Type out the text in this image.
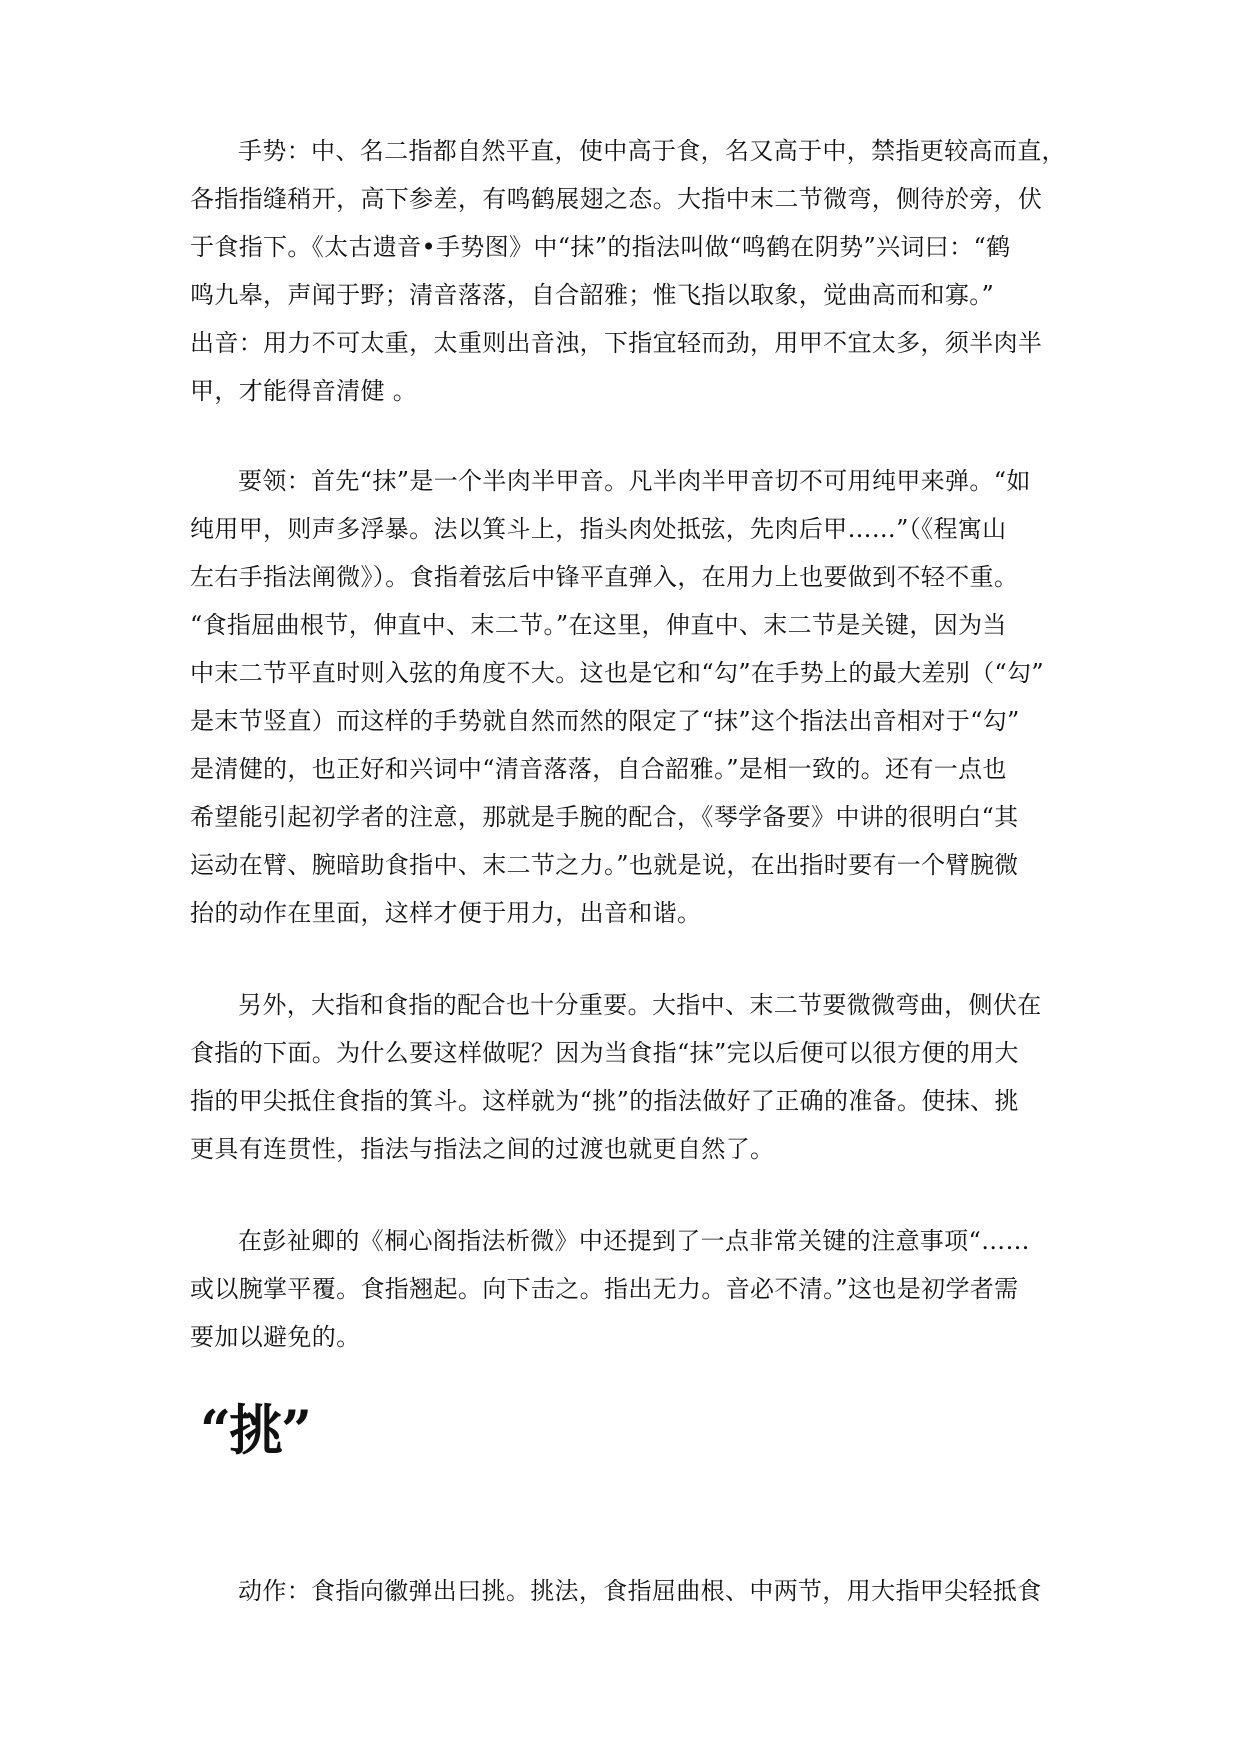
手势：中、名二指都自然平直，使中高于食，名又高于中，禁指更较高而直，
各指指缝稍开，高下参差，有鸣鹤展翅之态。大指中末二节微弯，侧待於旁，伏
于食指下。《太古遗音•手势图》中“抹”的指法叫做“鸣鹤在阴势”兴词曰：“鹤
鸣九皋，声闻于野；清音落落，自合韶雅；惟飞指以取象，觉曲高而和寡。”
出音：用力不可太重，太重则出音浊，下指宜轻而劲，用甲不宜太多，须半肉半
甲，才能得音清健 。
要领：首先“抹”是一个半肉半甲音。凡半肉半甲音切不可用纯甲来弹。“如
纯用甲，则声多浮暴。法以箕斗上，指头肉处抵弦，先肉后甲……”（《程寓山
左右手指法阐微》）。食指着弦后中锋平直弹入，在用力上也要做到不轻不重。
“食指屈曲根节，伸直中、末二节。”在这里，伸直中、末二节是关键，因为当
中末二节平直时则入弦的角度不大。这也是它和“勾”在手势上的最大差别（“勾”
是末节竖直）而这样的手势就自然而然的限定了“抹”这个指法出音相对于“勾”
是清健的，也正好和兴词中“清音落落，自合韶雅。”是相一致的。还有一点也
希望能引起初学者的注意，那就是手腕的配合，《琴学备要》中讲的很明白“其
运动在臂、腕暗助食指中、末二节之力。”也就是说，在出指时要有一个臂腕微
抬的动作在里面，这样才便于用力，出音和谐。
另外，大指和食指的配合也十分重要。大指中、末二节要微微弯曲，侧伏在
食指的下面。为什么要这样做呢？因为当食指“抹”完以后便可以很方便的用大
指的甲尖抵住食指的箕斗。这样就为“挑”的指法做好了正确的准备。使抹、挑
更具有连贯性，指法与指法之间的过渡也就更自然了。
在彭祉卿的《桐心阁指法析微》中还提到了一点非常关键的注意事项“……
或以腕掌平覆。食指翘起。向下击之。指出无力。音必不清。”这也是初学者需
要加以避免的。
“挑”
动作：食指向徽弹出曰挑。挑法，食指屈曲根、中两节，用大指甲尖轻抵食
